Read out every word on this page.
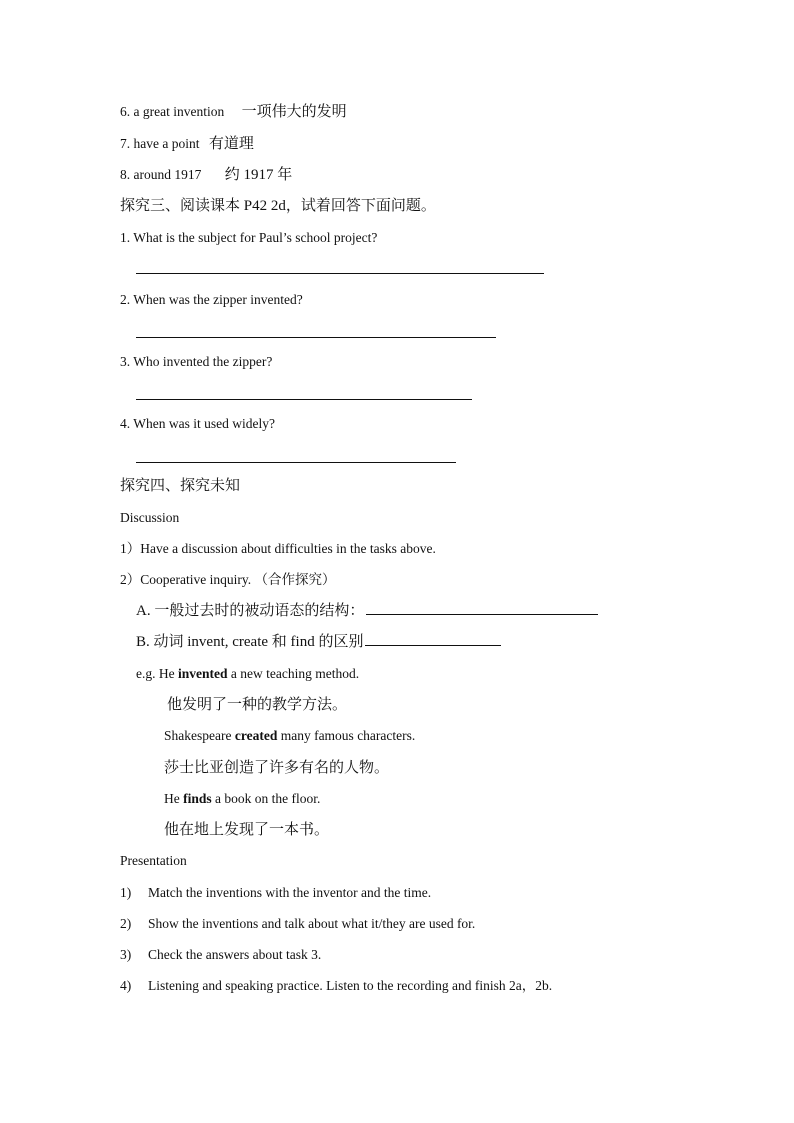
6. a great invention 一项伟大的发明
7. have a point 有道理
8. around 1917 约 1917 年
探究三、阅读课本 P42 2d，试着回答下面问题。
1. What is the subject for Paul’s school project?
2. When was the zipper invented?
3. Who invented the zipper?
4. When was it used widely?
探究四、探究未知
Discussion
1）Have a discussion about difficulties in the tasks above.
2）Cooperative inquiry. （合作探究）
A. 一般过去时的被动语态的结构：
B. 动词 invent, create 和 find 的区别
e.g. He invented a new teaching method.
他发明了一种的教学方法。
Shakespeare created many famous characters.
莎士比亚创造了许多有名的人物。
He finds a book on the floor.
他在地上发现了一本书。
Presentation
1) Match the inventions with the inventor and the time.
2) Show the inventions and talk about what it/they are used for.
3) Check the answers about task 3.
4) Listening and speaking practice. Listen to the recording and finish 2a，2b.
